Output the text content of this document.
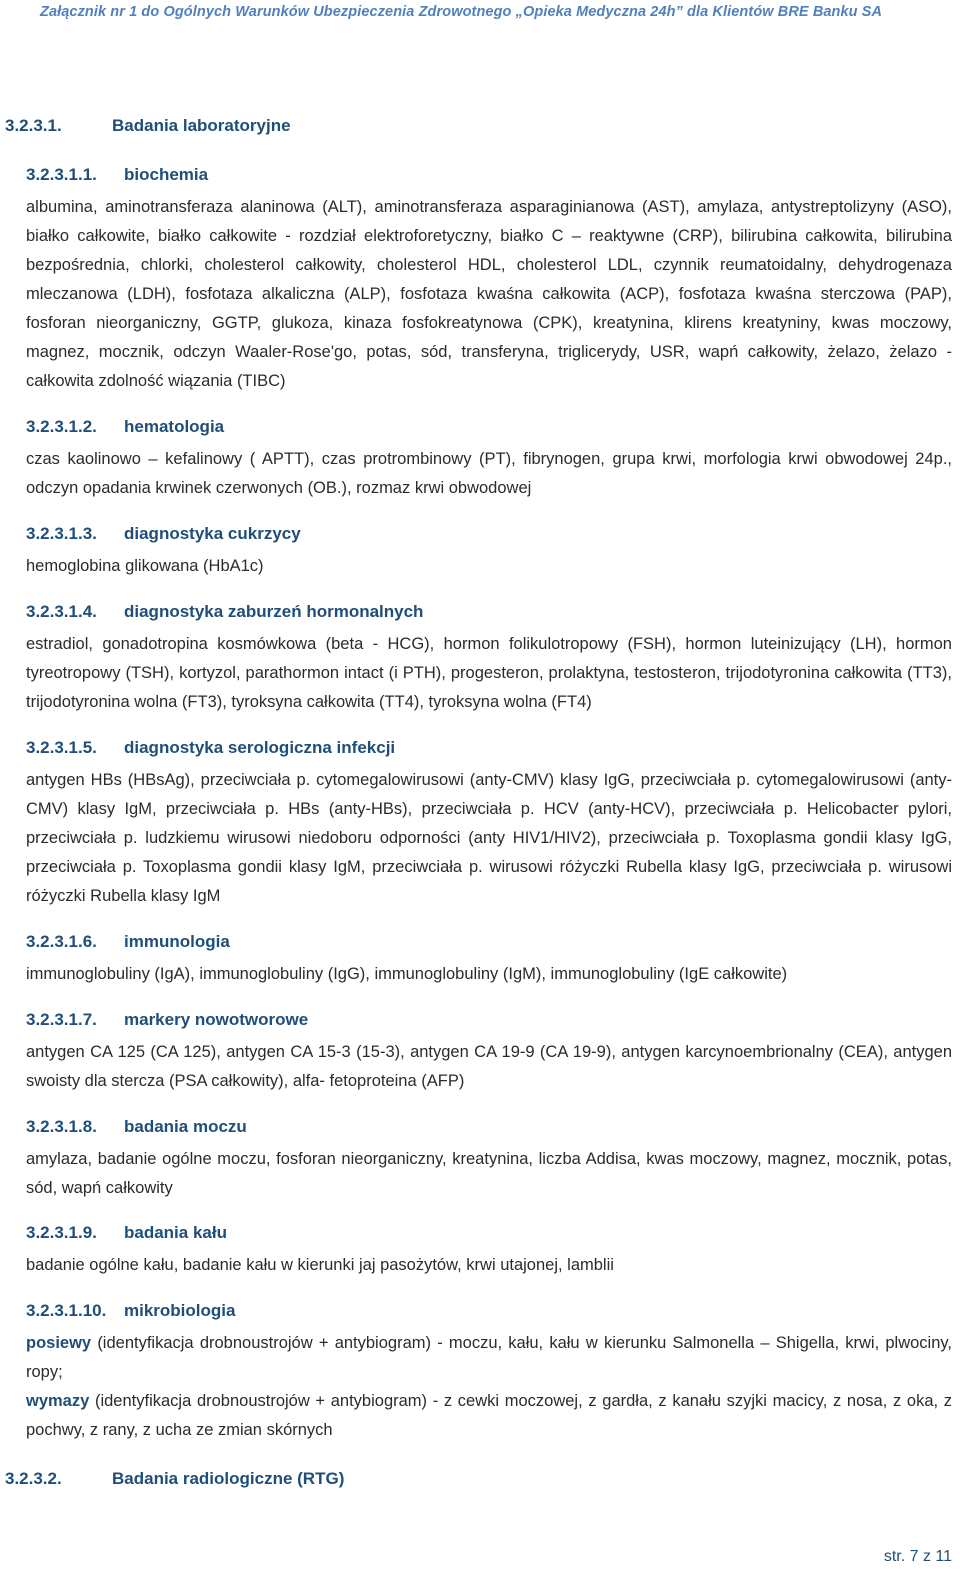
Załącznik nr 1 do Ogólnych Warunków Ubezpieczenia Zdrowotnego „Opieka Medyczna 24h” dla Klientów BRE Banku SA
3.2.3.1.	Badania laboratoryjne
3.2.3.1.1. biochemia
albumina, aminotransferaza alaninowa (ALT), aminotransferaza asparaginianowa (AST), amylaza, antystreptolizyny (ASO), białko całkowite, białko całkowite - rozdział elektroforetyczny, białko C – reaktywne (CRP), bilirubina całkowita, bilirubina bezpośrednia, chlorki, cholesterol całkowity, cholesterol HDL, cholesterol LDL, czynnik reumatoidalny, dehydrogenaza mleczanowa (LDH), fosfotaza alkaliczna (ALP), fosfotaza kwaśna całkowita (ACP), fosfotaza kwaśna sterczowa (PAP), fosforan nieorganiczny, GGTP, glukoza, kinaza fosfokreatynowa (CPK), kreatynina, klirens kreatyniny, kwas moczowy, magnez, mocznik, odczyn Waaler-Rose'go, potas, sód, transferyna, triglicerydy, USR, wapń całkowity, żelazo, żelazo - całkowita zdolność wiązania (TIBC)
3.2.3.1.2. hematologia
czas kaolinowo – kefalinowy ( APTT), czas protrombinowy (PT), fibrynogen, grupa krwi, morfologia krwi obwodowej 24p., odczyn opadania krwinek czerwonych (OB.), rozmaz krwi obwodowej
3.2.3.1.3. diagnostyka cukrzycy
hemoglobina glikowana (HbA1c)
3.2.3.1.4. diagnostyka zaburzeń hormonalnych
estradiol, gonadotropina kosmówkowa (beta - HCG), hormon folikulotropowy (FSH), hormon luteinizujący (LH), hormon tyreotropowy (TSH), kortyzol, parathormon intact (i PTH), progesteron, prolaktyna, testosteron, trijodotyronina całkowita (TT3), trijodotyronina wolna (FT3), tyroksyna całkowita (TT4), tyroksyna wolna (FT4)
3.2.3.1.5. diagnostyka serologiczna infekcji
antygen HBs (HBsAg), przeciwciała p. cytomegalowirusowi (anty-CMV) klasy IgG, przeciwciała p. cytomegalowirusowi (anty-CMV) klasy IgM, przeciwciała p. HBs (anty-HBs), przeciwciała p. HCV (anty-HCV), przeciwciała p. Helicobacter pylori, przeciwciała p. ludzkiemu wirusowi niedoboru odporności (anty HIV1/HIV2), przeciwciała p. Toxoplasma gondii klasy IgG, przeciwciała p. Toxoplasma gondii klasy IgM, przeciwciała p. wirusowi różyczki Rubella klasy IgG, przeciwciała p. wirusowi różyczki Rubella klasy IgM
3.2.3.1.6. immunologia
immunoglobuliny (IgA), immunoglobuliny (IgG), immunoglobuliny (IgM), immunoglobuliny (IgE całkowite)
3.2.3.1.7. markery nowotworowe
antygen CA 125 (CA 125), antygen CA 15-3 (15-3), antygen CA 19-9 (CA 19-9), antygen karcynoembrionalny (CEA), antygen swoisty dla stercza (PSA całkowity), alfa- fetoproteina (AFP)
3.2.3.1.8. badania moczu
amylaza, badanie ogólne moczu, fosforan nieorganiczny, kreatynina, liczba Addisa, kwas moczowy, magnez, mocznik, potas, sód, wapń całkowity
3.2.3.1.9. badania kału
badanie ogólne kału, badanie kału w kierunki jaj pasożytów, krwi utajonej, lamblii
3.2.3.1.10. mikrobiologia

posiewy (identyfikacja drobnoustrojów + antybiogram) - moczu, kału, kału w kierunku Salmonella – Shigella, krwi, plwociny, ropy;

wymazy (identyfikacja drobnoustrojów + antybiogram) - z cewki moczowej, z gardła, z kanału szyjki macicy, z nosa, z oka, z pochwy, z rany, z ucha ze zmian skórnych

3.2.3.2.	Badania radiologiczne (RTG)
str. 7 z 11
